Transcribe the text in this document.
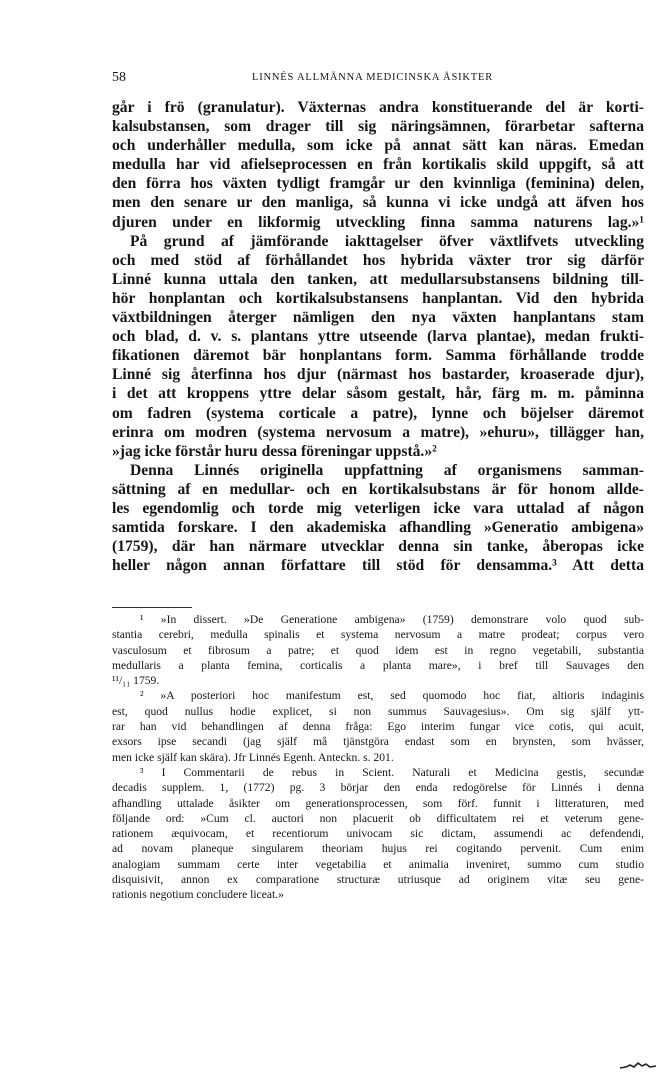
58	LINNÉS ALLMÄNNA MEDICINSKA ÅSIKTER
går i frö (granulatur). Växternas andra konstituerande del är korti-
kalsubstansen, som drager till sig näringsämnen, förarbetar safterna
och underhåller medulla, som icke på annat sätt kan näras. Emedan
medulla har vid afielseprocessen en från kortikalis skild uppgift, så att
den förra hos växten tydligt framgår ur den kvinnliga (feminina) delen,
men den senare ur den manliga, så kunna vi icke undgå att äfven hos
djuren under en likformig utveckling finna samma naturens lag.»¹
På grund af jämförande iakttagelser öfver växtlifvets utveckling
och med stöd af förhållandet hos hybrida växter tror sig därför
Linné kunna uttala den tanken, att medullarsubstansens bildning till-
hör honplantan och kortikalsubstansens hanplantan. Vid den hybrida
växtbildningen återger nämligen den nya växten hanplantans stam
och blad, d. v. s. plantans yttre utseende (larva plantae), medan frukti-
fikationen däremot bär honplantans form. Samma förhållande trodde
Linné sig återfinna hos djur (närmast hos bastarder, kroaserade djur),
i det att kroppens yttre delar såsom gestalt, hår, färg m. m. påminna
om fadren (systema corticale a patre), lynne och böjelser däremot
erinra om modren (systema nervosum a matre), »ehuru», tillägger han,
»jag icke förstår huru dessa föreningar uppstå.»²
Denna Linnés originella uppfattning af organismens samman-
sättning af en medullar- och en kortikalsubstans är för honom allde-
les egendomlig och torde mig veterligen icke vara uttalad af någon
samtida forskare. I den akademiska afhandling »Generatio ambigena»
(1759), där han närmare utvecklar denna sin tanke, åberopas icke
heller någon annan författare till stöd för densamma.³ Att detta
¹ »In dissert. »De Generatione ambigena» (1759) demonstrare volo quod sub-
stantia cerebri, medulla spinalis et systema nervosum a matre prodeat; corpus vero
vasculosum et fibrosum a patre; et quod idem est in regno vegetabili, substantia
medullaris a planta femina, corticalis a planta mare», i bref till Sauvages den
¹¹/₁₁ 1759.
² »A posteriori hoc manifestum est, sed quomodo hoc fiat, altioris indaginis
est, quod nullus hodie explicet, si non summus Sauvagesius». Om sig själf ytt-
rar han vid behandlingen af denna fråga: Ego interim fungar vice cotis, qui acuit,
exsors ipse secandi (jag själf må tjänstgöra endast som en brynsten, som hvässer,
men icke själf kan skära). Jfr Linnés Egenh. Anteckn. s. 201.
³ I Commentarii de rebus in Scient. Naturali et Medicina gestis, secundæ
decadis supplem. 1, (1772) pg. 3 börjar den enda redogörelse för Linnés i denna
afhandling uttalade åsikter om generationsprocessen, som förf. funnit i litteraturen, med
följande ord: »Cum cl. auctori non placuerit ob difficultatem rei et veterum gene-
rationem æquivocam, et recentiorum univocam sic dictam, assumendi ac defendendi,
ad novam planeque singularem theoriam hujus rei cogitando pervenit. Cum enim
analogiam summam certe inter vegetabilia et animalia inveniret, summo cum studio
disquisivit, annon ex comparatione structuræ utriusque ad originem vitæ seu gene-
rationis negotium concludere liceat.»
